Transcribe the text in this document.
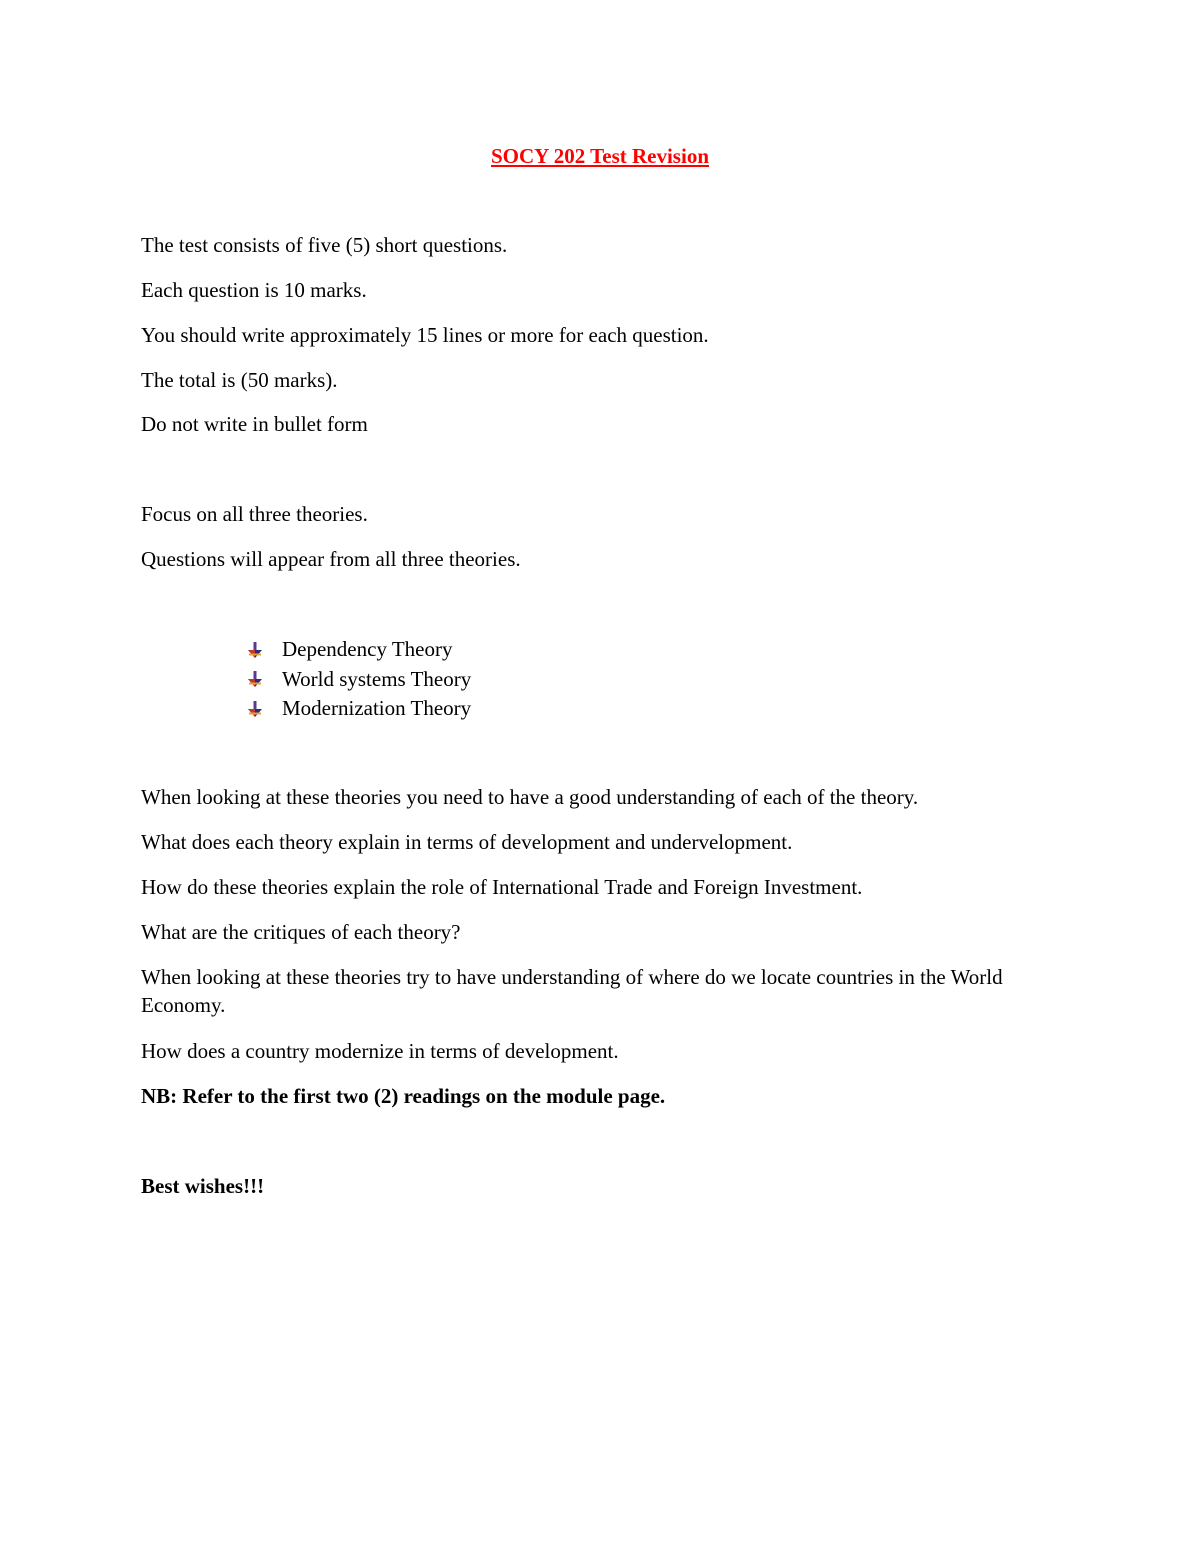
SOCY 202 Test Revision

The test consists of five (5) short questions.

Each question is 10 marks.

You should write approximately 15 lines or more for each question.

The total is (50 marks).

Do not write in bullet form

Focus on all three theories.

Questions will appear from all three theories.

Dependency Theory
World systems Theory
Modernization Theory

When looking at these theories you need to have a good understanding of each of the theory.

What does each theory explain in terms of development and undervelopment.

How do these theories explain the role of International Trade and Foreign Investment.

What are the critiques of each theory?

When looking at these theories try to have understanding of where do we locate countries in the World Economy.

How does a country modernize in terms of development.

NB: Refer to the first two (2) readings on the module page.

Best wishes!!!
